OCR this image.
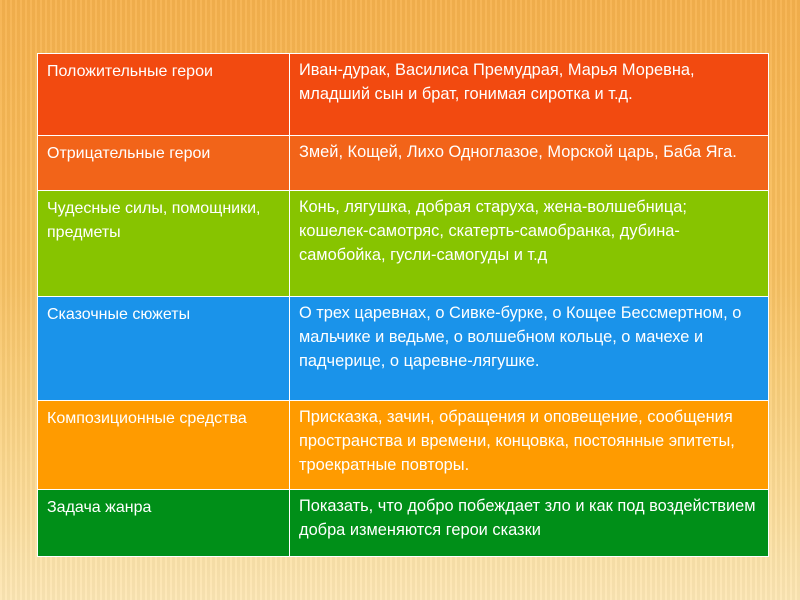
Положительные герои	Иван-дурак, Василиса Премудрая, Марья Моревна, младший сын и брат, гонимая сиротка и т.д.
Отрицательные герои	Змей, Кощей, Лихо Одноглазое, Морской царь, Баба Яга.
Чудесные силы, помощники, предметы	Конь, лягушка, добрая старуха, жена-волшебница; кошелек-самотряс, скатерть-самобранка, дубина-самобойка, гусли-самогуды и т.д
Сказочные сюжеты	О трех царевнах, о Сивке-бурке, о Кощее Бессмертном, о мальчике и ведьме, о волшебном кольце, о мачехе и падчерице, о царевне-лягушке.
Композиционные средства	Присказка, зачин, обращения и оповещение, сообщения пространства и времени, концовка, постоянные эпитеты, троекратные повторы.
Задача жанра	Показать, что добро побеждает зло и как под воздействием добра изменяются герои сказки
